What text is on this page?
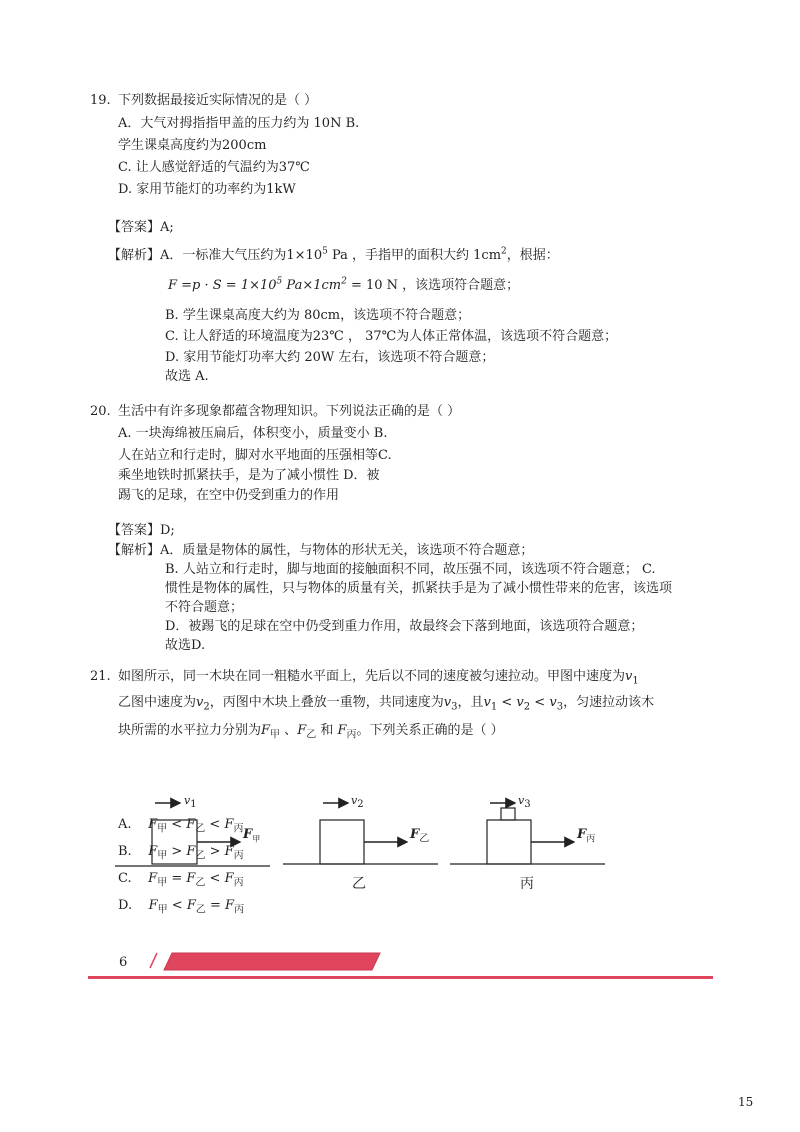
19. 下列数据最接近实际情况的是（ ）
A．大气对拇指指甲盖的压力约为 10N B.
学生课桌高度约为200cm
C. 让人感觉舒适的气温约为37℃
D. 家用节能灯的功率约为1kW
【答案】A;
【解析】A．一标准大气压约为$1\times 10^5$ Pa ，手指甲的面积大约 $1cm^2$，根据：
$F =p \cdot S = 1\times 10^5$ $Pa\times 1cm^2 = 10$ N ，该选项符合题意；
B. 学生课桌高度大约为 80cm，该选项不符合题意；
C. 让人舒适的环境温度为23℃ ， 37℃为人体正常体温，该选项不符合题意；
D. 家用节能灯功率大约 20W 左右，该选项不符合题意；
故选 A.
20. 生活中有许多现象都蕴含物理知识。下列说法正确的是（ ）
A. 一块海绵被压扁后，体积变小，质量变小 B.
人在站立和行走时，脚对水平地面的压强相等C.
乘坐地铁时抓紧扶手，是为了减小惯性 D．被
踢飞的足球，在空中仍受到重力的作用
【答案】D;
【解析】A．质量是物体的属性，与物体的形状无关，该选项不符合题意；
B. 人站立和行走时，脚与地面的接触面积不同，故压强不同，该选项不符合题意； C.
惯性是物体的属性，只与物体的质量有关，抓紧扶手是为了减小惯性带来的危害，该选项
不符合题意；
D．被踢飞的足球在空中仍受到重力作用，故最终会下落到地面，该选项符合题意；
故选D.
21. 如图所示，同一木块在同一粗糙水平面上，先后以不同的速度被匀速拉动。甲图中速度为$v_1$
乙图中速度为$v_2$，丙图中木块上叠放一重物，共同速度为$v_3$，且$v_1 < v_2 < v_3$，匀速拉动该木
块所需的水平拉力分别为$F_甲$ 、$F_乙$ 和 $F_丙$。下列关系正确的是（ ）
v1	v2	v3
$F_甲$	$F_乙$	$F_丙$
乙	丙
A. $F_甲 < F_乙 < F_丙$
B. $F_甲 > F_乙 > F_丙$
C. $F_甲 = F_乙 < F_丙$
D. $F_甲 < F_乙 = F_丙$
6
15
